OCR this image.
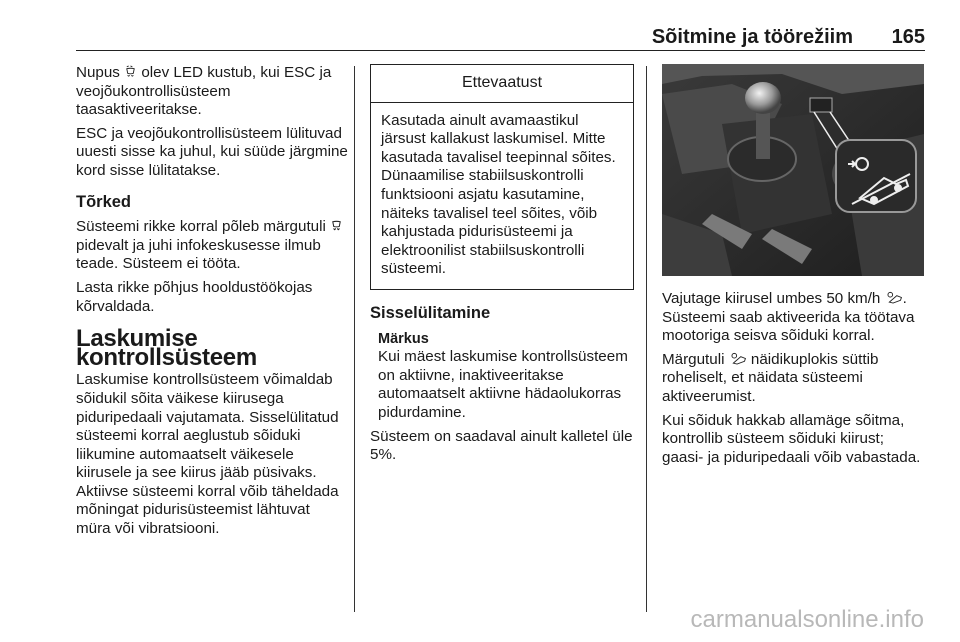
Sõitmine ja töörežiim 165

Nupus  olev LED kustub, kui ESC ja veojõukontrollisüsteem taasaktiveeritakse.

ESC ja veojõukontrollisüsteem lülituvad uuesti sisse ka juhul, kui süüde järgmine kord sisse lülitatakse.

Tõrked

Süsteemi rikke korral põleb märgutuli  pidevalt ja juhi infokeskusesse ilmub teade. Süsteem ei tööta.

Lasta rikke põhjus hooldustöökojas kõrvaldada.

Laskumise kontrollsüsteem

Laskumise kontrollsüsteem võimaldab sõidukil sõita väikese kiirusega piduripedaali vajutamata. Sisselülitatud süsteemi korral aeglustub sõiduki liikumine automaatselt väikesele kiirusele ja see kiirus jääb püsivaks. Aktiivse süsteemi korral võib täheldada mõningat pidurisüsteemist lähtuvat müra või vibratsiooni.

Ettevaatust
Kasutada ainult avamaastikul järsust kallakust laskumisel. Mitte kasutada tavalisel teepinnal sõites. Dünaamilise stabiilsuskontrolli funktsiooni asjatu kasutamine, näiteks tavalisel teel sõites, võib kahjustada pidurisüsteemi ja elektroonilist stabiilsuskontrolli süsteemi.
Sisselülitamine
Märkus

Kui mäest laskumise kontrollsüsteem on aktiivne, inaktiveeritakse automaatselt aktiivne hädaolukorras pidurdamine.

Süsteem on saadaval ainult kalletel üle 5%.

Vajutage kiirusel umbes 50 km/h . Süsteemi saab aktiveerida ka töötava mootoriga seisva sõiduki korral.

Märgutuli  näidikuplokis süttib roheliselt, et näidata süsteemi aktiveerumist.

Kui sõiduk hakkab allamäge sõitma, kontrollib süsteem sõiduki kiirust; gaasi- ja piduripedaali võib vabastada.

carmanualsonline.info
